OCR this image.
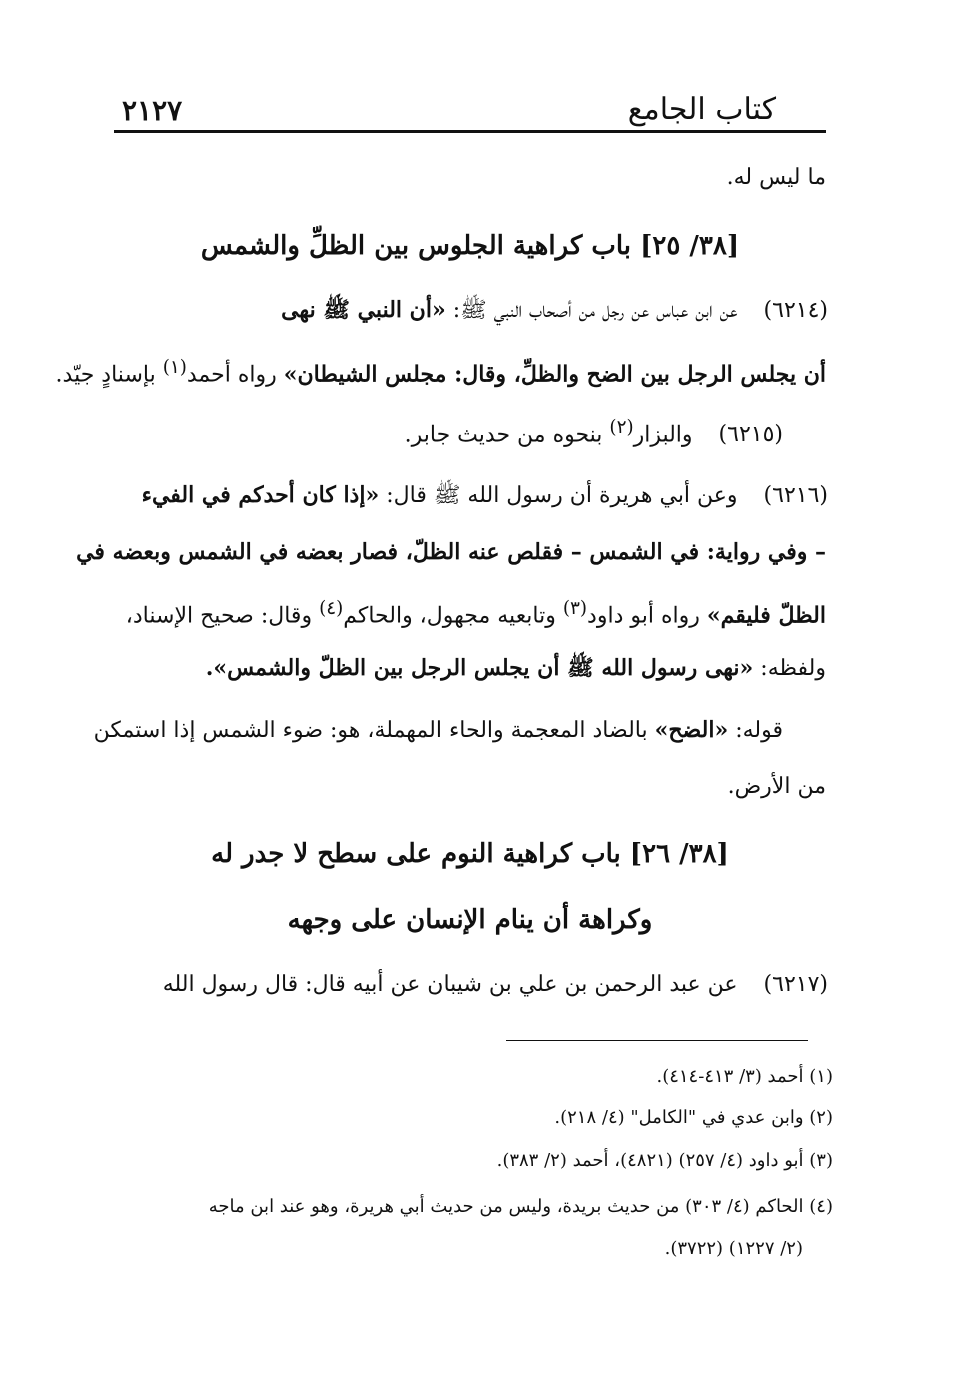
كتاب الجامع
٢١٢٧
ما ليس له.
[٣٨/ ٢٥] باب كراهية الجلوس بين الظلِّ والشمس
(٦٢١٤)عن ابن عباس عن رجل من أصحاب النبي ﷺ: «أن النبي ﷺ نهى
أن يجلس الرجل بين الضح والظلِّ، وقال: مجلس الشيطان» رواه أحمد$^{(١)}$ بإسنادٍ جيّد.
(٦٢١٥)والبزار$^{(٢)}$ بنحوه من حديث جابر.
(٦٢١٦)وعن أبي هريرة أن رسول الله ﷺ قال: «إذا كان أحدكم في الفيء
– وفي رواية: في الشمس – فقلص عنه الظلّ، فصار بعضه في الشمس وبعضه في
الظلّ فليقم» رواه أبو داود$^{(٣)}$ وتابعيه مجهول، والحاكم$^{(٤)}$ وقال: صحيح الإسناد،
ولفظه: «نهى رسول الله ﷺ أن يجلس الرجل بين الظلّ والشمس».
قوله: «الضح» بالضاد المعجمة والحاء المهملة، هو: ضوء الشمس إذا استمكن
من الأرض.
[٣٨/ ٢٦] باب كراهية النوم على سطح لا جدر له
وكراهة أن ينام الإنسان على وجهه
(٦٢١٧)عن عبد الرحمن بن علي بن شيبان عن أبيه قال: قال رسول الله
(١) أحمد (٣/ ٤١٣-٤١٤).
(٢) وابن عدي في "الكامل" (٤/ ٢١٨).
(٣) أبو داود (٤/ ٢٥٧) (٤٨٢١)، أحمد (٢/ ٣٨٣).
(٤) الحاكم (٤/ ٣٠٣) من حديث بريدة، وليس من حديث أبي هريرة، وهو عند ابن ماجه
(٢/ ١٢٢٧) (٣٧٢٢).
